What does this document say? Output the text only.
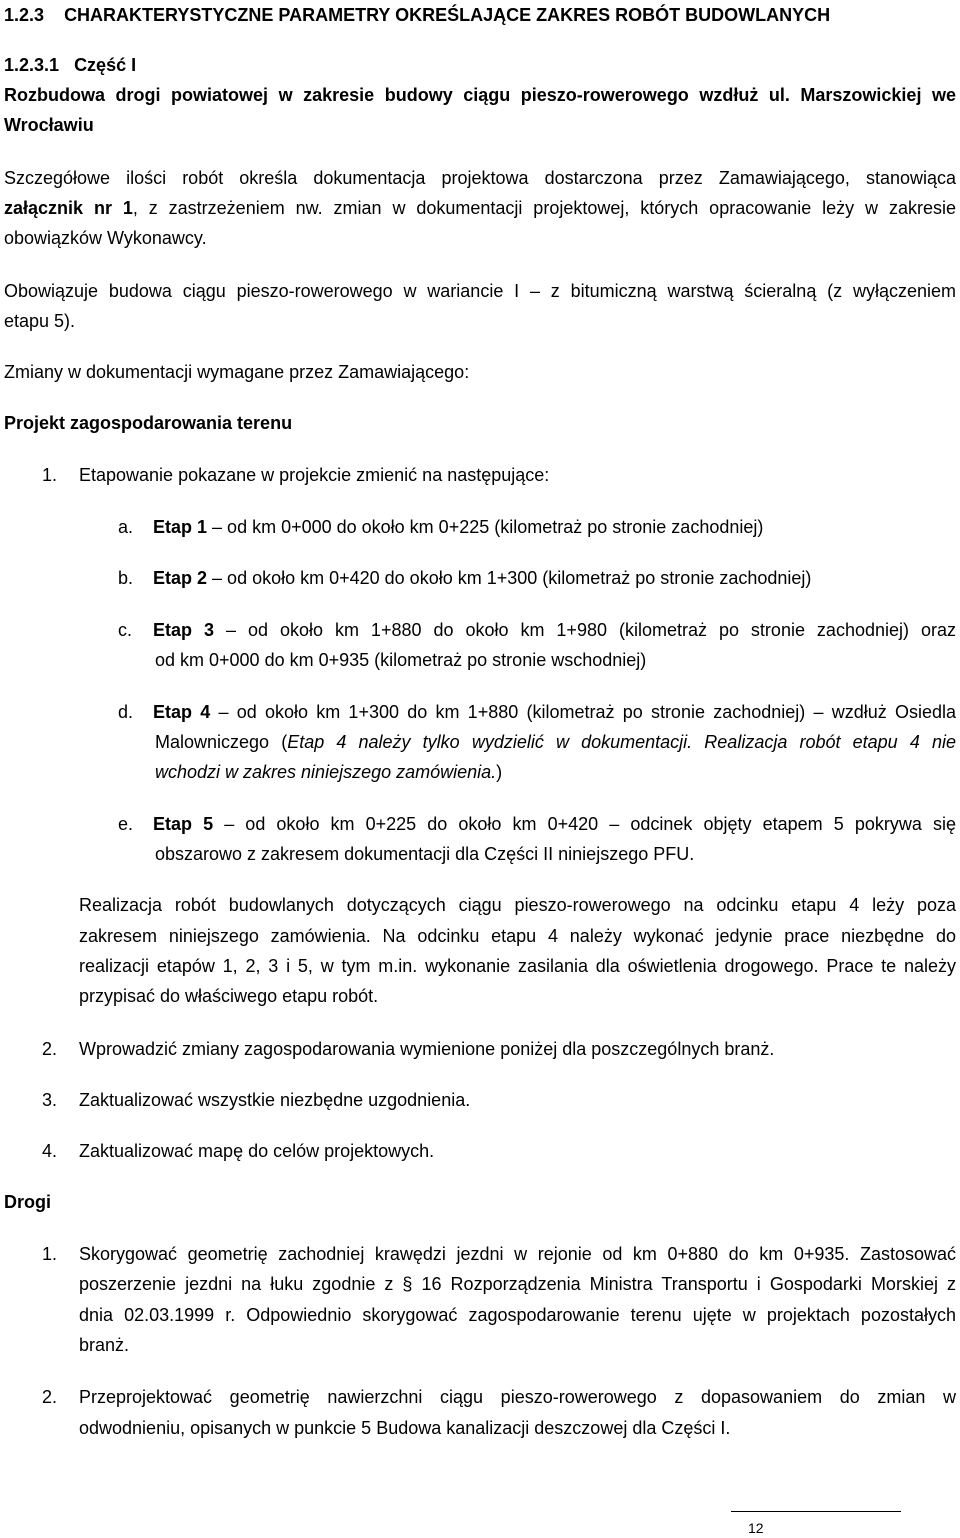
1.2.3 CHARAKTERYSTYCZNE PARAMETRY OKREŚLAJĄCE ZAKRES ROBÓT BUDOWLANYCH
1.2.3.1 Część I
Rozbudowa drogi powiatowej w zakresie budowy ciągu pieszo-rowerowego wzdłuż ul. Marszowickiej we
Wrocławiu
Szczegółowe ilości robót określa dokumentacja projektowa dostarczona przez Zamawiającego, stanowiąca
załącznik nr 1, z zastrzeżeniem nw. zmian w dokumentacji projektowej, których opracowanie leży w zakresie
obowiązków Wykonawcy.
Obowiązuje budowa ciągu pieszo-rowerowego w wariancie I – z bitumiczną warstwą ścieralną (z wyłączeniem
etapu 5).
Zmiany w dokumentacji wymagane przez Zamawiającego:
Projekt zagospodarowania terenu
1. Etapowanie pokazane w projekcie zmienić na następujące:
a. Etap 1 – od km 0+000 do około km 0+225 (kilometraż po stronie zachodniej)
b. Etap 2 – od około km 0+420 do około km 1+300 (kilometraż po stronie zachodniej)
c. Etap 3 – od około km 1+880 do około km 1+980 (kilometraż po stronie zachodniej) oraz
od km 0+000 do km 0+935 (kilometraż po stronie wschodniej)
d. Etap 4 – od około km 1+300 do km 1+880 (kilometraż po stronie zachodniej) – wzdłuż Osiedla
Malowniczego (Etap 4 należy tylko wydzielić w dokumentacji. Realizacja robót etapu 4 nie
wchodzi w zakres niniejszego zamówienia.)
e. Etap 5 – od około km 0+225 do około km 0+420 – odcinek objęty etapem 5 pokrywa się
obszarowo z zakresem dokumentacji dla Części II niniejszego PFU.
Realizacja robót budowlanych dotyczących ciągu pieszo-rowerowego na odcinku etapu 4 leży poza
zakresem niniejszego zamówienia. Na odcinku etapu 4 należy wykonać jedynie prace niezbędne do
realizacji etapów 1, 2, 3 i 5, w tym m.in. wykonanie zasilania dla oświetlenia drogowego. Prace te należy
przypisać do właściwego etapu robót.
2. Wprowadzić zmiany zagospodarowania wymienione poniżej dla poszczególnych branż.
3. Zaktualizować wszystkie niezbędne uzgodnienia.
4. Zaktualizować mapę do celów projektowych.
Drogi
1. Skorygować geometrię zachodniej krawędzi jezdni w rejonie od km 0+880 do km 0+935. Zastosować
poszerzenie jezdni na łuku zgodnie z § 16 Rozporządzenia Ministra Transportu i Gospodarki Morskiej z
dnia 02.03.1999 r. Odpowiednio skorygować zagospodarowanie terenu ujęte w projektach pozostałych
branż.
2. Przeprojektować geometrię nawierzchni ciągu pieszo-rowerowego z dopasowaniem do zmian w
odwodnieniu, opisanych w punkcie 5 Budowa kanalizacji deszczowej dla Części I.
12
